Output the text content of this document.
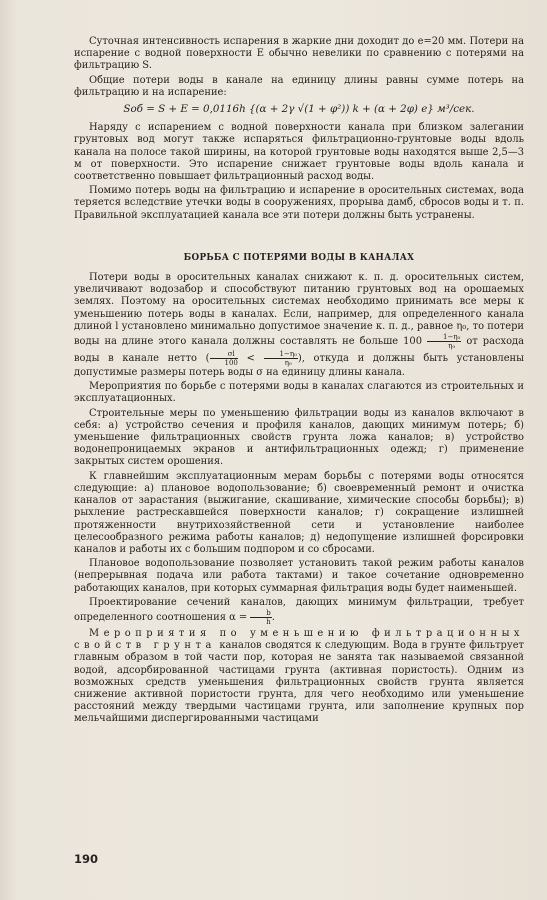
Суточная интенсивность испарения в жаркие дни доходит до e=20 мм. Потери на испарение с водной поверхности E обычно невелики по сравнению с потерями на фильтрацию S.

Общие потери воды в канале на единицу длины равны сумме потерь на фильтрацию и на испарение:

Sоб = S + E = 0,0116h {(α + 2γ √(1 + φ²)) k + (α + 2φ) e} м³/сек.

Наряду с испарением с водной поверхности канала при близком залегании грунтовых вод могут также испаряться фильтрационно-грунтовые воды вдоль канала на полосе такой ширины, на которой грунтовые воды находятся выше 2,5—3 м от поверхности. Это испарение снижает грунтовые воды вдоль канала и соответственно повышает фильтрационный расход воды.

Помимо потерь воды на фильтрацию и испарение в оросительных системах, вода теряется вследствие утечки воды в сооружениях, прорыва дамб, сбросов воды и т. п. Правильной эксплуатацией канала все эти потери должны быть устранены.

БОРЬБА С ПОТЕРЯМИ ВОДЫ В КАНАЛАХ

Потери воды в оросительных каналах снижают к. п. д. оросительных систем, увеличивают водозабор и способствуют питанию грунтовых вод на орошаемых землях. Поэтому на оросительных системах необходимо принимать все меры к уменьшению потерь воды в каналах. Если, например, для определенного канала длиной l установлено минимально допустимое значение к. п. д., равное η₀, то потери воды на длине этого канала должны составлять не больше $100 \frac{\text{1−η₀}}{\text{η₀}}$ от расхода воды в канале нетто ( $\frac{\sigma l}{100} < \frac{\text{1−η₀}}{\text{η₀}}$ ), откуда и должны быть установлены допустимые размеры потерь воды σ на единицу длины канала.

Мероприятия по борьбе с потерями воды в каналах слагаются из строительных и эксплуатационных.

Строительные меры по уменьшению фильтрации воды из каналов включают в себя: а) устройство сечения и профиля каналов, дающих минимум потерь; б) уменьшение фильтрационных свойств грунта ложа каналов; в) устройство водонепроницаемых экранов и антифильтрационных одежд; г) применение закрытых систем орошения.

К главнейшим эксплуатационным мерам борьбы с потерями воды относятся следующие: а) плановое водопользование; б) своевременный ремонт и очистка каналов от зарастания (выжигание, скашивание, химические способы борьбы); в) рыхление растрескавшейся поверхности каналов; г) сокращение излишней протяженности внутрихозяйственной сети и установление наиболее целесообразного режима работы каналов; д) недопущение излишней форсировки каналов и работы их с большим подпором и со сбросами.

Плановое водопользование позволяет установить такой режим работы каналов (непрерывная подача или работа тактами) и такое сочетание одновременно работающих каналов, при которых суммарная фильтрация воды будет наименьшей.

Проектирование сечений каналов, дающих минимум фильтрации, требует определенного соотношения $\alpha = \frac{b}{h}$ .

Мероприятия по уменьшению фильтрационных свойств грунта каналов сводятся к следующим. Вода в грунте фильтрует главным образом в той части пор, которая не занята так называемой связанной водой, адсорбированной частицами грунта (активная пористость). Одним из возможных средств уменьшения фильтрационных свойств грунта является снижение активной пористости грунта, для чего необходимо или уменьшение расстояний между твердыми частицами грунта, или заполнение крупных пор мельчайшими диспергированными частицами

190
